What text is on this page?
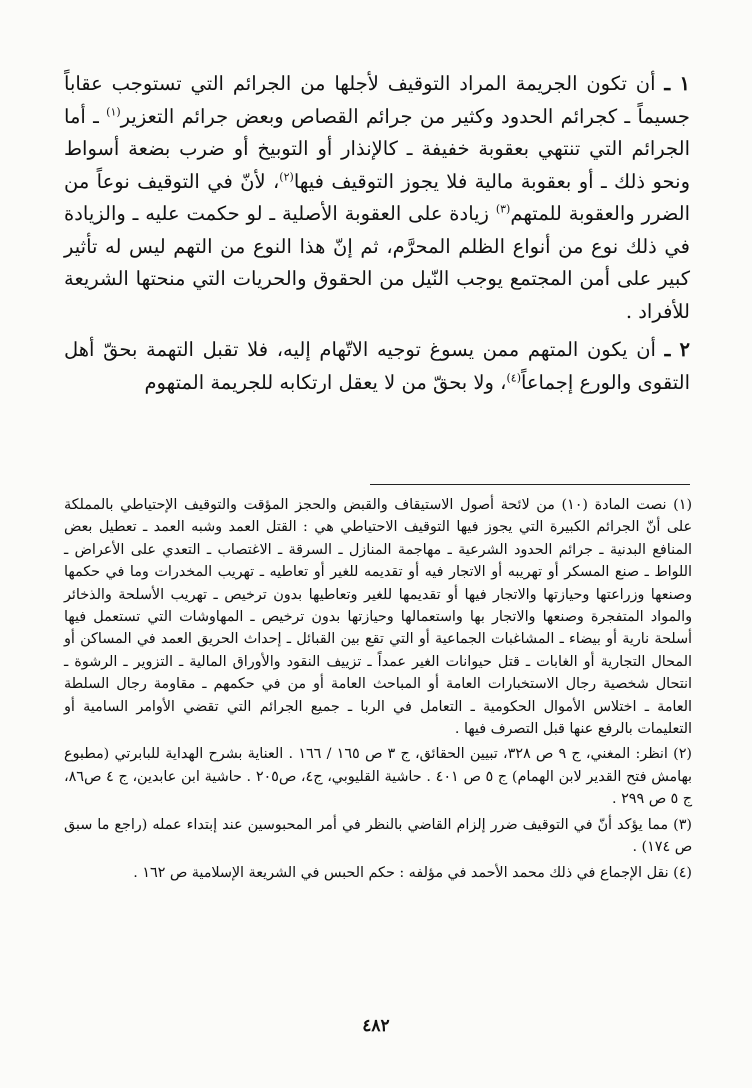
١ ـ أن تكون الجريمة المراد التوقيف لأجلها من الجرائم التي تستوجب عقاباً جسيماً ـ كجرائم الحدود وكثير من جرائم القصاص وبعض جرائم التعزير$^{(١)}$ ـ أما الجرائم التي تنتهي بعقوبة خفيفة ـ كالإنذار أو التوبيخ أو ضرب بضعة أسواط ونحو ذلك ـ أو بعقوبة مالية فلا يجوز التوقيف فيها$^{(٢)}$، لأنّ في التوقيف نوعاً من الضرر والعقوبة للمتهم$^{(٣)}$ زيادة على العقوبة الأصلية ـ لو حكمت عليه ـ والزيادة في ذلك نوع من أنواع الظلم المحرَّم، ثم إنّ هذا النوع من التهم ليس له تأثير كبير على أمن المجتمع يوجب النّيل من الحقوق والحريات التي منحتها الشريعة للأفراد .

٢ ـ أن يكون المتهم ممن يسوغ توجيه الاتّهام إليه، فلا تقبل التهمة بحقّ أهل التقوى والورع إجماعاً$^{(٤)}$، ولا بحقّ من لا يعقل ارتكابه للجريمة المتهوم

(١) نصت المادة (١٠) من لائحة أصول الاستيقاف والقبض والحجز المؤقت والتوقيف الإحتياطي بالمملكة على أنّ الجرائم الكبيرة التي يجوز فيها التوقيف الاحتياطي هي : القتل العمد وشبه العمد ـ تعطيل بعض المنافع البدنية ـ جرائم الحدود الشرعية ـ مهاجمة المنازل ـ السرقة ـ الاغتصاب ـ التعدي على الأعراض ـ اللواط ـ صنع المسكر أو تهريبه أو الاتجار فيه أو تقديمه للغير أو تعاطيه ـ تهريب المخدرات وما في حكمها وصنعها وزراعتها وحيازتها والاتجار فيها أو تقديمها للغير وتعاطيها بدون ترخيص ـ تهريب الأسلحة والذخائر والمواد المتفجرة وصنعها والاتجار بها واستعمالها وحيازتها بدون ترخيص ـ المهاوشات التي تستعمل فيها أسلحة نارية أو بيضاء ـ المشاغبات الجماعية أو التي تقع بين القبائل ـ إحداث الحريق العمد في المساكن أو المحال التجارية أو الغابات ـ قتل حيوانات الغير عمداً ـ تزييف النقود والأوراق المالية ـ التزوير ـ الرشوة ـ انتحال شخصية رجال الاستخبارات العامة أو المباحث العامة أو من في حكمهم ـ مقاومة رجال السلطة العامة ـ اختلاس الأموال الحكومية ـ التعامل في الربا ـ جميع الجرائم التي تقضي الأوامر السامية أو التعليمات بالرفع عنها قبل التصرف فيها .

(٢) انظر: المغني، ج ٩ ص ٣٢٨، تبيين الحقائق، ج ٣ ص ١٦٥ / ١٦٦ . العناية بشرح الهداية للبابرتي (مطبوع بهامش فتح القدير لابن الهمام) ج ٥ ص ٤٠١ . حاشية القليوبي، ج٤، ص٢٠٥ . حاشية ابن عابدين، ج ٤ ص٨٦، ج ٥ ص ٢٩٩ .

(٣) مما يؤكد أنّ في التوقيف ضرر إلزام القاضي بالنظر في أمر المحبوسين عند إبتداء عمله (راجع ما سبق ص ١٧٤) .

(٤) نقل الإجماع في ذلك محمد الأحمد في مؤلفه : حكم الحبس في الشريعة الإسلامية ص ١٦٢ .

٤٨٢
